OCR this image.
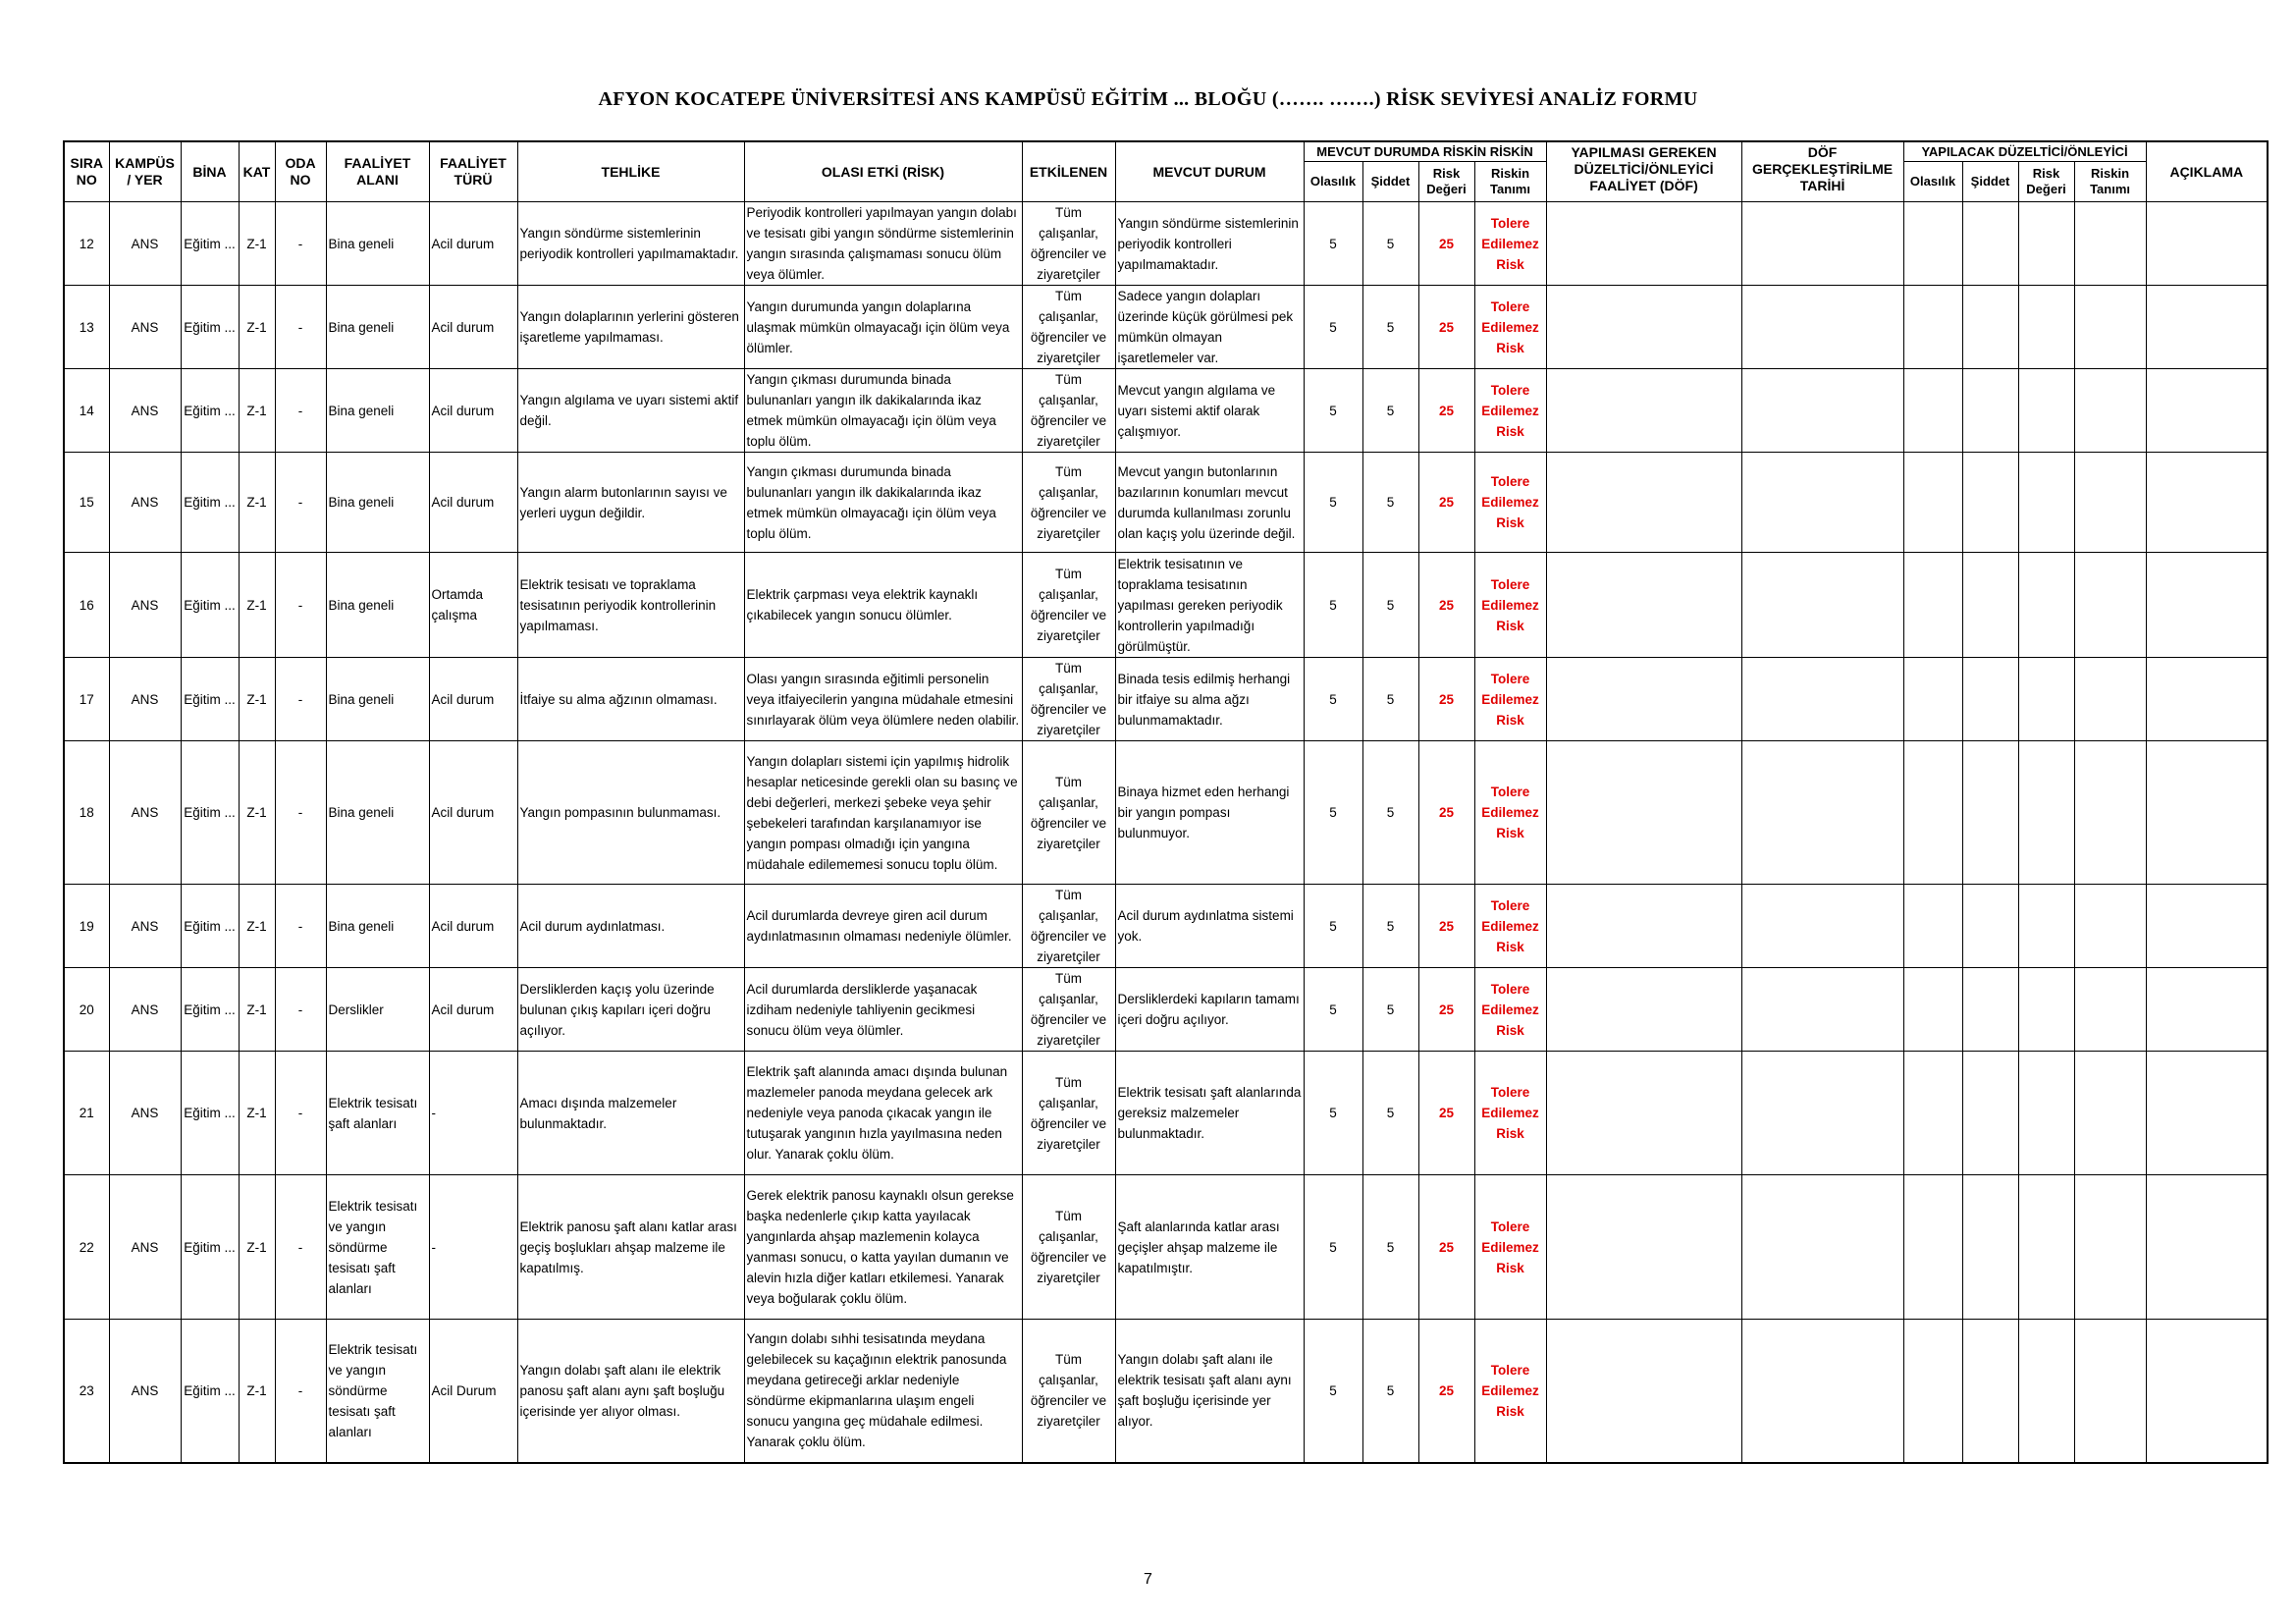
AFYON KOCATEPE ÜNİVERSİTESİ ANS KAMPÜSÜ EĞİTİM ... BLOĞU (……. …….) RİSK SEVİYESİ ANALİZ FORMU
SIRA NO	KAMPÜS / YER	BİNA	KAT	ODA NO	FAALİYET ALANI	FAALİYET TÜRÜ	TEHLİKE	OLASI ETKİ (RİSK)	ETKİLENEN	MEVCUT DURUM	MEVCUT DURUMDA RİSKİN RİSKİN				YAPILMASI GEREKEN DÜZELTİCİ/ÖNLEYİCİ FAALİYET (DÖF)	DÖF GERÇEKLEŞTİRİLME TARİHİ	YAPILACAK DÜZELTİCİ/ÖNLEYİCİ				AÇIKLAMA
											Olasılık	Şiddet	Risk Değeri	Riskin Tanımı			Olasılık	Şiddet	Risk Değeri	Riskin Tanımı	
12	ANS	Eğitim ...	Z-1	-	Bina geneli	Acil durum	Yangın söndürme sistemlerinin periyodik kontrolleri yapılmamaktadır.	Periyodik kontrolleri yapılmayan yangın dolabı ve tesisatı gibi yangın söndürme sistemlerinin yangın sırasında çalışmaması sonucu ölüm veya ölümler.	Tüm çalışanlar, öğrenciler ve ziyaretçiler	Yangın söndürme sistemlerinin periyodik kontrolleri yapılmamaktadır.	5	5	25	Tolere Edilemez Risk							
13	ANS	Eğitim ...	Z-1	-	Bina geneli	Acil durum	Yangın dolaplarının yerlerini gösteren işaretleme yapılmaması.	Yangın durumunda yangın dolaplarına ulaşmak mümkün olmayacağı için ölüm veya ölümler.	Tüm çalışanlar, öğrenciler ve ziyaretçiler	Sadece yangın dolapları üzerinde küçük görülmesi pek mümkün olmayan işaretlemeler var.	5	5	25	Tolere Edilemez Risk							
14	ANS	Eğitim ...	Z-1	-	Bina geneli	Acil durum	Yangın algılama ve uyarı sistemi aktif değil.	Yangın çıkması durumunda binada bulunanları yangın ilk dakikalarında ikaz etmek mümkün olmayacağı için ölüm veya toplu ölüm.	Tüm çalışanlar, öğrenciler ve ziyaretçiler	Mevcut yangın algılama ve uyarı sistemi aktif olarak çalışmıyor.	5	5	25	Tolere Edilemez Risk							
15	ANS	Eğitim ...	Z-1	-	Bina geneli	Acil durum	Yangın alarm butonlarının sayısı ve yerleri uygun değildir.	Yangın çıkması durumunda binada bulunanları yangın ilk dakikalarında ikaz etmek mümkün olmayacağı için ölüm veya toplu ölüm.	Tüm çalışanlar, öğrenciler ve ziyaretçiler	Mevcut yangın butonlarının bazılarının konumları mevcut durumda kullanılması zorunlu olan kaçış yolu üzerinde değil.	5	5	25	Tolere Edilemez Risk							
16	ANS	Eğitim ...	Z-1	-	Bina geneli	Ortamda çalışma	Elektrik tesisatı ve topraklama tesisatının periyodik kontrollerinin yapılmaması.	Elektrik çarpması veya elektrik kaynaklı çıkabilecek yangın sonucu ölümler.	Tüm çalışanlar, öğrenciler ve ziyaretçiler	Elektrik tesisatının ve topraklama tesisatının yapılması gereken periyodik kontrollerin yapılmadığı görülmüştür.	5	5	25	Tolere Edilemez Risk							
17	ANS	Eğitim ...	Z-1	-	Bina geneli	Acil durum	İtfaiye su alma ağzının olmaması.	Olası yangın sırasında eğitimli personelin veya itfaiyecilerin yangına müdahale etmesini sınırlayarak ölüm veya ölümlere neden olabilir.	Tüm çalışanlar, öğrenciler ve ziyaretçiler	Binada tesis edilmiş herhangi bir itfaiye su alma ağzı bulunmamaktadır.	5	5	25	Tolere Edilemez Risk							
18	ANS	Eğitim ...	Z-1	-	Bina geneli	Acil durum	Yangın pompasının bulunmaması.	Yangın dolapları sistemi için yapılmış hidrolik hesaplar neticesinde gerekli olan su basınç ve debi değerleri, merkezi şebeke veya şehir şebekeleri tarafından karşılanamıyor ise yangın pompası olmadığı için yangına müdahale edilememesi sonucu toplu ölüm.	Tüm çalışanlar, öğrenciler ve ziyaretçiler	Binaya hizmet eden herhangi bir yangın pompası bulunmuyor.	5	5	25	Tolere Edilemez Risk							
19	ANS	Eğitim ...	Z-1	-	Bina geneli	Acil durum	Acil durum aydınlatması.	Acil durumlarda devreye giren acil durum aydınlatmasının olmaması nedeniyle ölümler.	Tüm çalışanlar, öğrenciler ve ziyaretçiler	Acil durum aydınlatma sistemi yok.	5	5	25	Tolere Edilemez Risk							
20	ANS	Eğitim ...	Z-1	-	Derslikler	Acil durum	Dersliklerden kaçış yolu üzerinde bulunan çıkış kapıları içeri doğru açılıyor.	Acil durumlarda dersliklerde yaşanacak izdiham nedeniyle tahliyenin gecikmesi sonucu ölüm veya ölümler.	Tüm çalışanlar, öğrenciler ve ziyaretçiler	Dersliklerdeki kapıların tamamı içeri doğru açılıyor.	5	5	25	Tolere Edilemez Risk							
21	ANS	Eğitim ...	Z-1	-	Elektrik tesisatı şaft alanları	-	Amacı dışında malzemeler bulunmaktadır.	Elektrik şaft alanında amacı dışında bulunan mazlemeler panoda meydana gelecek ark nedeniyle veya panoda çıkacak yangın ile tutuşarak yangının hızla yayılmasına neden olur. Yanarak çoklu ölüm.	Tüm çalışanlar, öğrenciler ve ziyaretçiler	Elektrik tesisatı şaft alanlarında gereksiz malzemeler bulunmaktadır.	5	5	25	Tolere Edilemez Risk							
22	ANS	Eğitim ...	Z-1	-	Elektrik tesisatı ve yangın söndürme tesisatı şaft alanları	-	Elektrik panosu şaft alanı katlar arası geçiş boşlukları ahşap malzeme ile kapatılmış.	Gerek elektrik panosu kaynaklı olsun gerekse başka nedenlerle çıkıp katta yayılacak yangınlarda ahşap mazlemenin kolayca yanması sonucu, o katta yayılan dumanın ve alevin hızla diğer katları etkilemesi. Yanarak veya boğularak çoklu ölüm.	Tüm çalışanlar, öğrenciler ve ziyaretçiler	Şaft alanlarında katlar arası geçişler ahşap malzeme ile kapatılmıştır.	5	5	25	Tolere Edilemez Risk							
23	ANS	Eğitim ...	Z-1	-	Elektrik tesisatı ve yangın söndürme tesisatı şaft alanları	Acil Durum	Yangın dolabı şaft alanı ile elektrik panosu şaft alanı aynı şaft boşluğu içerisinde yer alıyor olması.	Yangın dolabı sıhhi tesisatında meydana gelebilecek su kaçağının elektrik panosunda meydana getireceği arklar nedeniyle söndürme ekipmanlarına ulaşım engeli sonucu yangına geç müdahale edilmesi. Yanarak çoklu ölüm.	Tüm çalışanlar, öğrenciler ve ziyaretçiler	Yangın dolabı şaft alanı ile elektrik tesisatı şaft alanı aynı şaft boşluğu içerisinde yer alıyor.	5	5	25	Tolere Edilemez Risk							
7
